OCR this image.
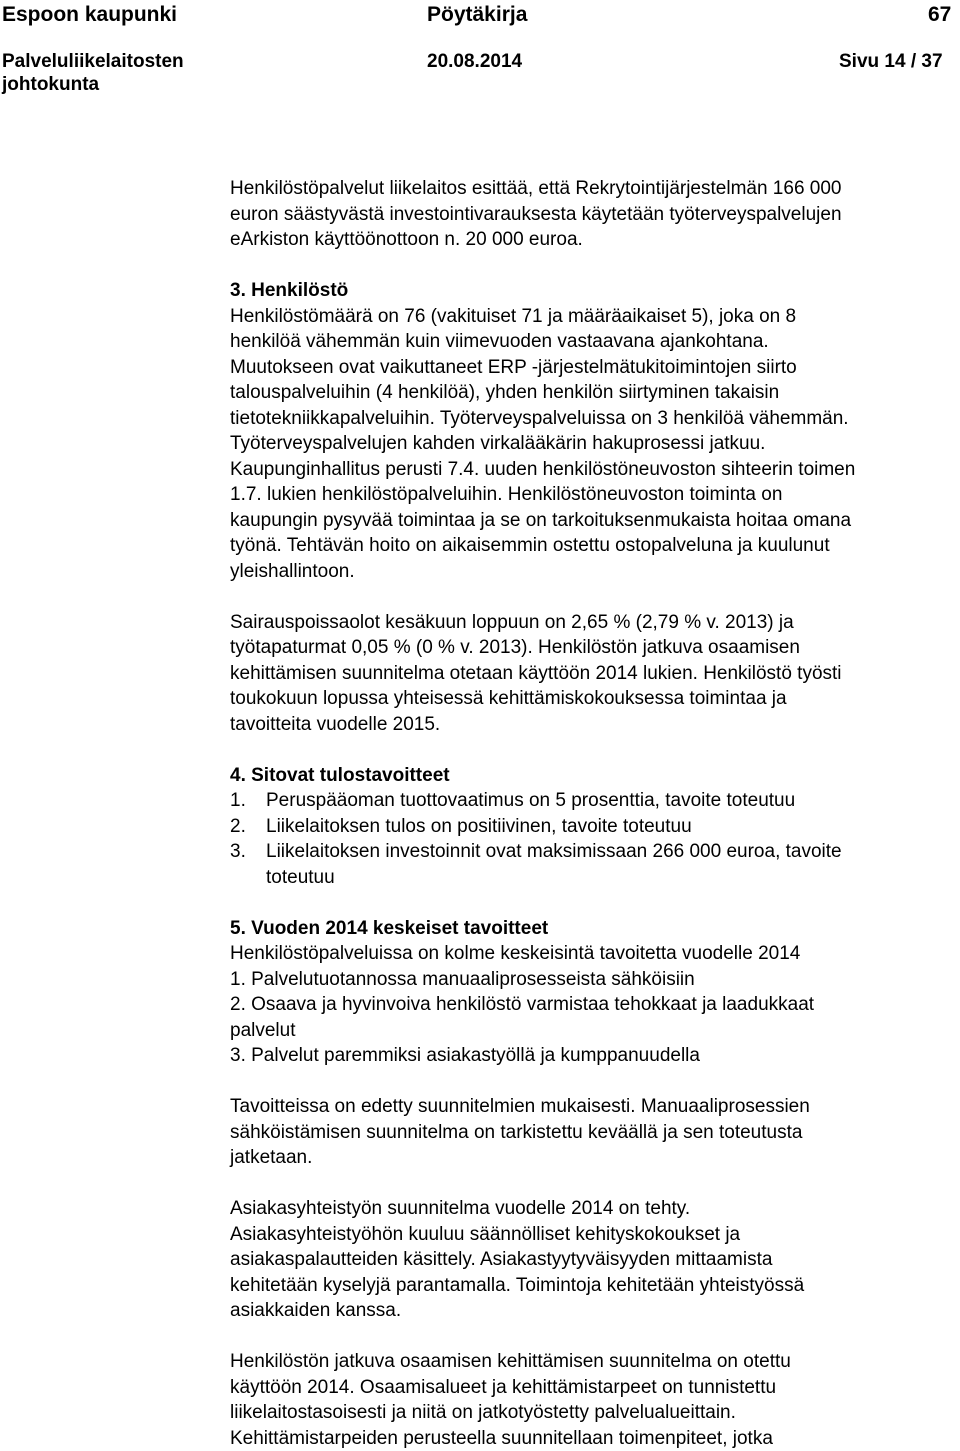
Espoon kaupunki	Pöytäkirja	67
Palveluliikelaitosten johtokunta
20.08.2014	Sivu 14 / 37

Henkilöstöpalvelut liikelaitos esittää, että Rekrytointijärjestelmän 166 000
euron säästyvästä investointivarauksesta käytetään työterveyspalvelujen
eArkiston käyttöönottoon n. 20 000 euroa.

3. Henkilöstö

Henkilöstömäärä on 76 (vakituiset 71 ja määräaikaiset 5), joka on 8
henkilöä vähemmän kuin viimevuoden vastaavana ajankohtana.
Muutokseen ovat vaikuttaneet ERP -järjestelmätukitoimintojen siirto
talouspalveluihin (4 henkilöä), yhden henkilön siirtyminen takaisin
tietotekniikkapalveluihin. Työterveyspalveluissa on 3 henkilöä vähemmän.
Työterveyspalvelujen kahden virkalääkärin hakuprosessi jatkuu.
Kaupunginhallitus perusti 7.4. uuden henkilöstöneuvoston sihteerin toimen
1.7. lukien henkilöstöpalveluihin. Henkilöstöneuvoston toiminta on
kaupungin pysyvää toimintaa ja se on tarkoituksenmukaista hoitaa omana
työnä. Tehtävän hoito on aikaisemmin ostettu ostopalveluna ja kuulunut
yleishallintoon.

Sairauspoissaolot kesäkuun loppuun on 2,65 % (2,79 % v. 2013) ja
työtapaturmat 0,05 % (0 % v. 2013). Henkilöstön jatkuva osaamisen
kehittämisen suunnitelma otetaan käyttöön 2014 lukien. Henkilöstö työsti
toukokuun lopussa yhteisessä kehittämiskokouksessa toimintaa ja
tavoitteita vuodelle 2015.

4. Sitovat tulostavoitteet

1.	Peruspääoman tuottovaatimus on 5 prosenttia, tavoite toteutuu
2.	Liikelaitoksen tulos on positiivinen, tavoite toteutuu
3.	Liikelaitoksen investoinnit ovat maksimissaan 266 000 euroa, tavoite
toteutuu

5. Vuoden 2014 keskeiset tavoitteet

Henkilöstöpalveluissa on kolme keskeisintä tavoitetta vuodelle 2014
1. Palvelutuotannossa manuaaliprosesseista sähköisiin
2. Osaava ja hyvinvoiva henkilöstö varmistaa tehokkaat ja laadukkaat
palvelut
3. Palvelut paremmiksi asiakastyöllä ja kumppanuudella

Tavoitteissa on edetty suunnitelmien mukaisesti. Manuaaliprosessien
sähköistämisen suunnitelma on tarkistettu keväällä ja sen toteutusta
jatketaan.

Asiakasyhteistyön suunnitelma vuodelle 2014 on tehty.
Asiakasyhteistyöhön kuuluu säännölliset kehityskokoukset ja
asiakaspalautteiden käsittely. Asiakastyytyväisyyden mittaamista
kehitetään kyselyjä parantamalla. Toimintoja kehitetään yhteistyössä
asiakkaiden kanssa.

Henkilöstön jatkuva osaamisen kehittämisen suunnitelma on otettu
käyttöön 2014. Osaamisalueet ja kehittämistarpeet on tunnistettu
liikelaitostasoisesti ja niitä on jatkotyöstetty palvelualueittain.
Kehittämistarpeiden perusteella suunnitellaan toimenpiteet, jotka
